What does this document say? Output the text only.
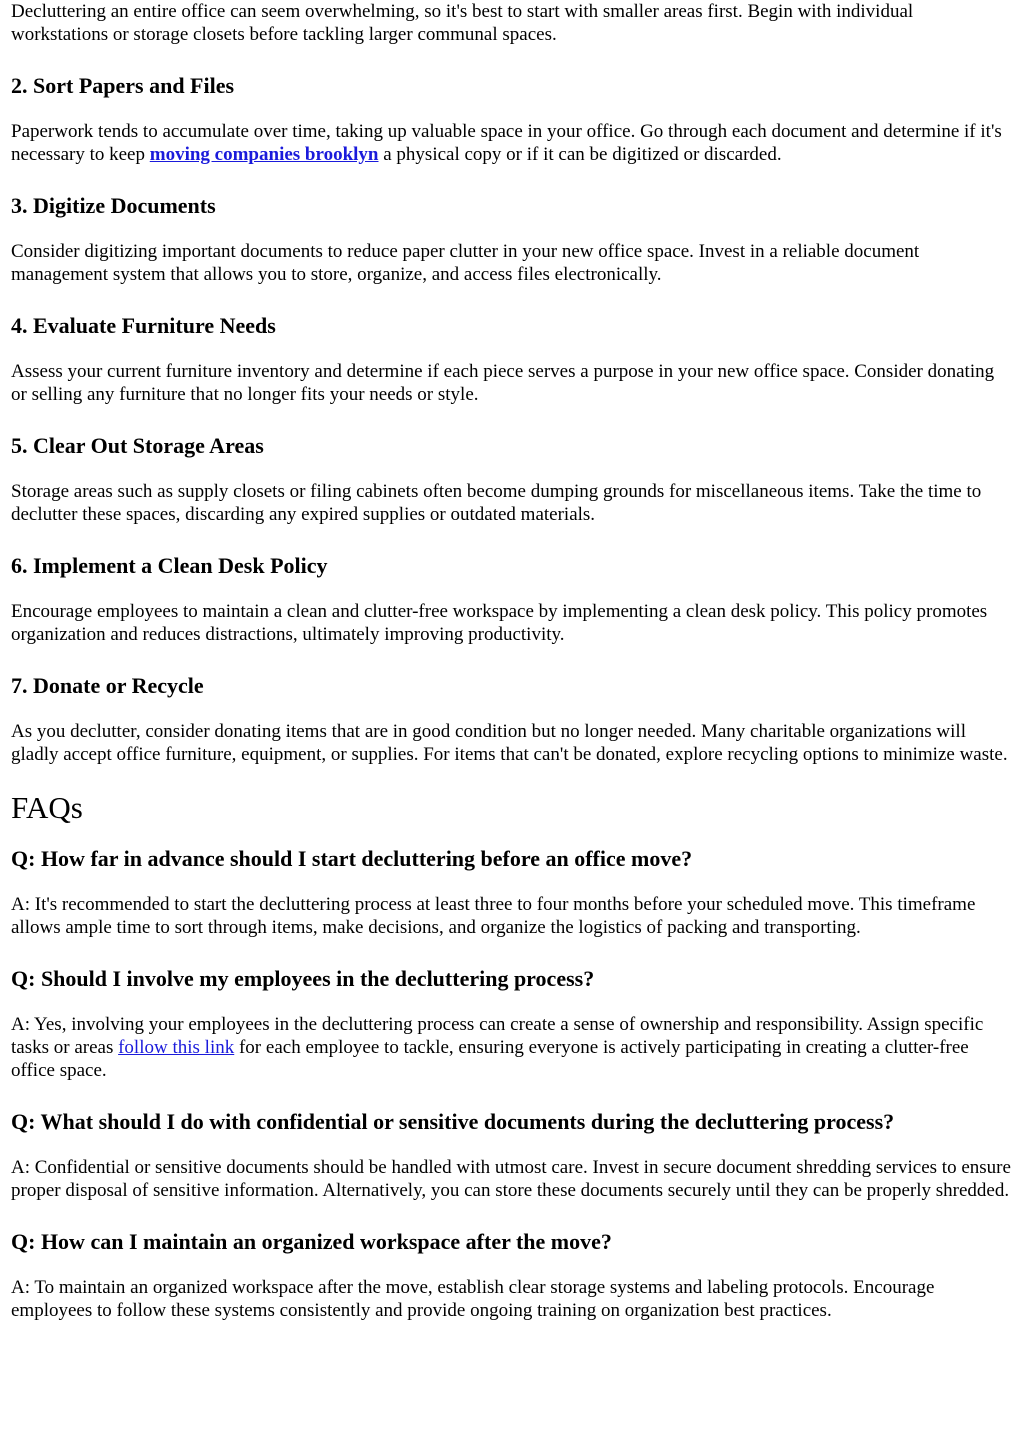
Decluttering an entire office can seem overwhelming, so it's best to start with smaller areas first. Begin with individual workstations or storage closets before tackling larger communal spaces.

2. Sort Papers and Files

Paperwork tends to accumulate over time, taking up valuable space in your office. Go through each document and determine if it's necessary to keep moving companies brooklyn a physical copy or if it can be digitized or discarded.

3. Digitize Documents

Consider digitizing important documents to reduce paper clutter in your new office space. Invest in a reliable document management system that allows you to store, organize, and access files electronically.

4. Evaluate Furniture Needs

Assess your current furniture inventory and determine if each piece serves a purpose in your new office space. Consider donating or selling any furniture that no longer fits your needs or style.

5. Clear Out Storage Areas

Storage areas such as supply closets or filing cabinets often become dumping grounds for miscellaneous items. Take the time to declutter these spaces, discarding any expired supplies or outdated materials.

6. Implement a Clean Desk Policy

Encourage employees to maintain a clean and clutter-free workspace by implementing a clean desk policy. This policy promotes organization and reduces distractions, ultimately improving productivity.

7. Donate or Recycle

As you declutter, consider donating items that are in good condition but no longer needed. Many charitable organizations will gladly accept office furniture, equipment, or supplies. For items that can't be donated, explore recycling options to minimize waste.

FAQs
Q: How far in advance should I start decluttering before an office move?

A: It's recommended to start the decluttering process at least three to four months before your scheduled move. This timeframe allows ample time to sort through items, make decisions, and organize the logistics of packing and transporting.

Q: Should I involve my employees in the decluttering process?

A: Yes, involving your employees in the decluttering process can create a sense of ownership and responsibility. Assign specific tasks or areas follow this link for each employee to tackle, ensuring everyone is actively participating in creating a clutter-free office space.

Q: What should I do with confidential or sensitive documents during the decluttering process?

A: Confidential or sensitive documents should be handled with utmost care. Invest in secure document shredding services to ensure proper disposal of sensitive information. Alternatively, you can store these documents securely until they can be properly shredded.

Q: How can I maintain an organized workspace after the move?

A: To maintain an organized workspace after the move, establish clear storage systems and labeling protocols. Encourage employees to follow these systems consistently and provide ongoing training on organization best practices.
